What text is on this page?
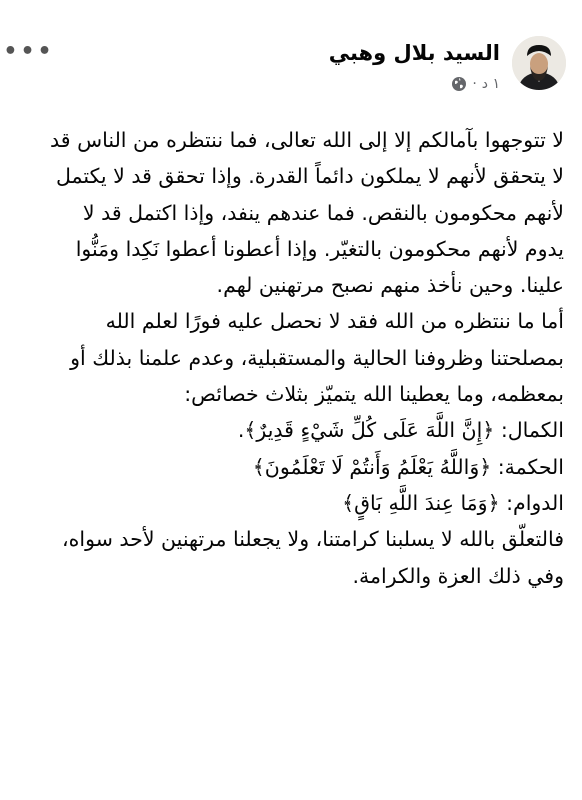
•••	السيد بلال وهبي
١ د
·

لا تتوجهوا بآمالكم إلا إلى الله تعالى، فما ننتظره من الناس قد لا يتحقق لأنهم لا يملكون دائماً القدرة. وإذا تحقق قد لا يكتمل لأنهم محكومون بالنقص. فما عندهم ينفد، وإذا اكتمل قد لا يدوم لأنهم محكومون بالتغيّر. وإذا أعطونا أعطوا نَكِدا ومَنُّوا علينا. وحين نأخذ منهم نصبح مرتهنين لهم.

أما ما ننتظره من الله فقد لا نحصل عليه فورًا لعلم الله بمصلحتنا وظروفنا الحالية والمستقبلية، وعدم علمنا بذلك أو بمعظمه، وما يعطينا الله يتميّز بثلاث خصائص:

الكمال: ﴿إِنَّ اللَّهَ عَلَى كُلِّ شَيْءٍ قَدِيرٌ﴾.

الحكمة: ﴿وَاللَّهُ يَعْلَمُ وَأَنتُمْ لَا تَعْلَمُونَ﴾

الدوام: ﴿وَمَا عِندَ اللَّهِ بَاقٍ﴾

فالتعلّق بالله لا يسلبنا كرامتنا، ولا يجعلنا مرتهنين لأحد سواه، وفي ذلك العزة والكرامة.
